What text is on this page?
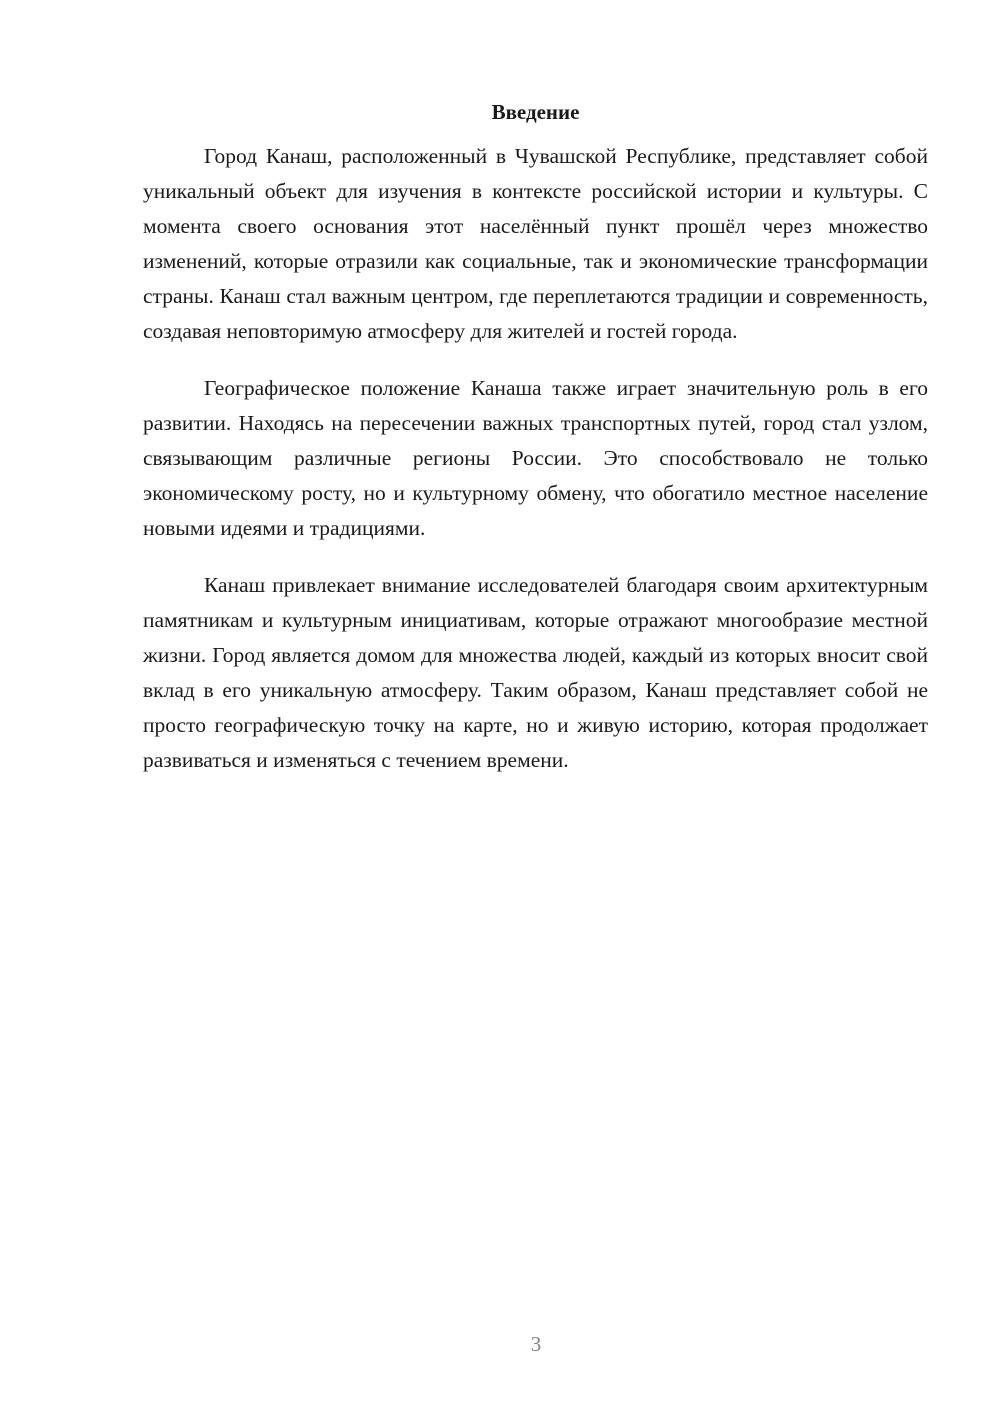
Введение

Город Канаш, расположенный в Чувашской Республике, представляет собой уникальный объект для изучения в контексте российской истории и культуры. С момента своего основания этот населённый пункт прошёл через множество изменений, которые отразили как социальные, так и экономические трансформации страны. Канаш стал важным центром, где переплетаются традиции и современность, создавая неповторимую атмосферу для жителей и гостей города.

Географическое положение Канаша также играет значительную роль в его развитии. Находясь на пересечении важных транспортных путей, город стал узлом, связывающим различные регионы России. Это способствовало не только экономическому росту, но и культурному обмену, что обогатило местное население новыми идеями и традициями.

Канаш привлекает внимание исследователей благодаря своим архитектурным памятникам и культурным инициативам, которые отражают многообразие местной жизни. Город является домом для множества людей, каждый из которых вносит свой вклад в его уникальную атмосферу. Таким образом, Канаш представляет собой не просто географическую точку на карте, но и живую историю, которая продолжает развиваться и изменяться с течением времени.

3
